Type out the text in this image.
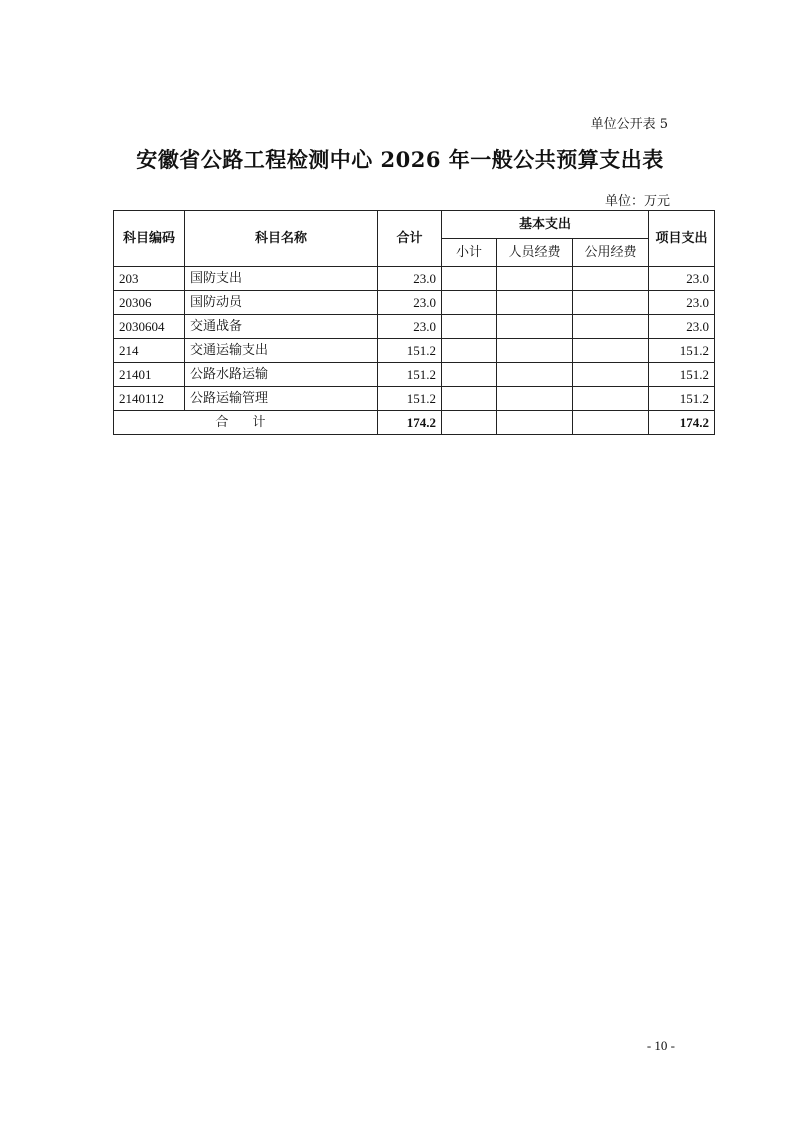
单位公开表 5
安徽省公路工程检测中心 2026 年一般公共预算支出表
单位：万元
科目编码	科目名称	合计	基本支出			项目支出
			小计	人员经费	公用经费	
203	国防支出	23.0				23.0
20306	国防动员	23.0				23.0
2030604	交通战备	23.0				23.0
214	交通运输支出	151.2				151.2
21401	公路水路运输	151.2				151.2
2140112	公路运输管理	151.2				151.2
合 计		174.2				174.2
- 10 -
